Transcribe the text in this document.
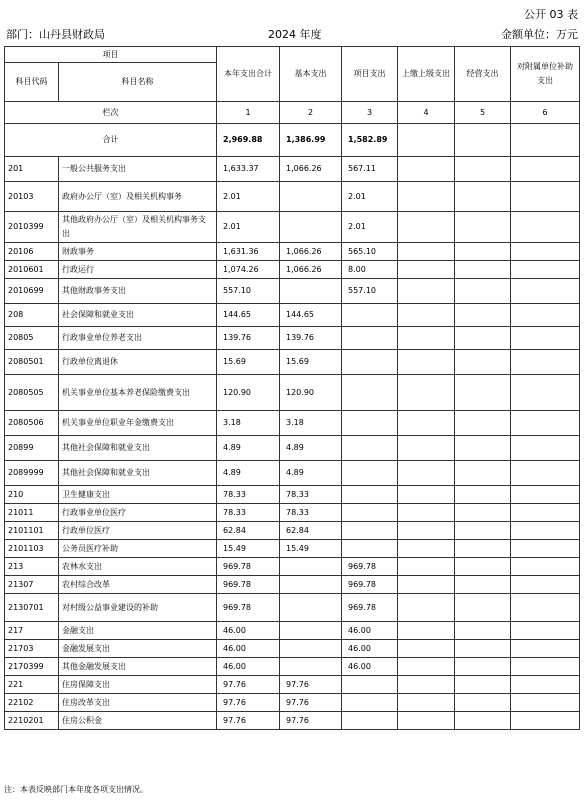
公开 03 表
部门：山丹县财政局	2024 年度	金额单位：万元
项目		本年支出合计	基本支出	项目支出	上缴上级支出	经营支出	对附属单位补助支出
科目代码	科目名称						
栏次		1	2	3	4	5	6
合计		2,969.88	1,386.99	1,582.89			
201	一般公共服务支出	1,633.37	1,066.26	567.11			
20103	政府办公厅（室）及相关机构事务	2.01		2.01			
2010399	其他政府办公厅（室）及相关机构事务支出	2.01		2.01			
20106	财政事务	1,631.36	1,066.26	565.10			
2010601	行政运行	1,074.26	1,066.26	8.00			
2010699	其他财政事务支出	557.10		557.10			
208	社会保障和就业支出	144.65	144.65				
20805	行政事业单位养老支出	139.76	139.76				
2080501	行政单位离退休	15.69	15.69				
2080505	机关事业单位基本养老保险缴费支出	120.90	120.90				
2080506	机关事业单位职业年金缴费支出	3.18	3.18				
20899	其他社会保障和就业支出	4.89	4.89				
2089999	其他社会保障和就业支出	4.89	4.89				
210	卫生健康支出	78.33	78.33				
21011	行政事业单位医疗	78.33	78.33				
2101101	行政单位医疗	62.84	62.84				
2101103	公务员医疗补助	15.49	15.49				
213	农林水支出	969.78		969.78			
21307	农村综合改革	969.78		969.78			
2130701	对村级公益事业建设的补助	969.78		969.78			
217	金融支出	46.00		46.00			
21703	金融发展支出	46.00		46.00			
2170399	其他金融发展支出	46.00		46.00			
221	住房保障支出	97.76	97.76				
22102	住房改革支出	97.76	97.76				
2210201	住房公积金	97.76	97.76				
注：本表反映部门本年度各项支出情况。
